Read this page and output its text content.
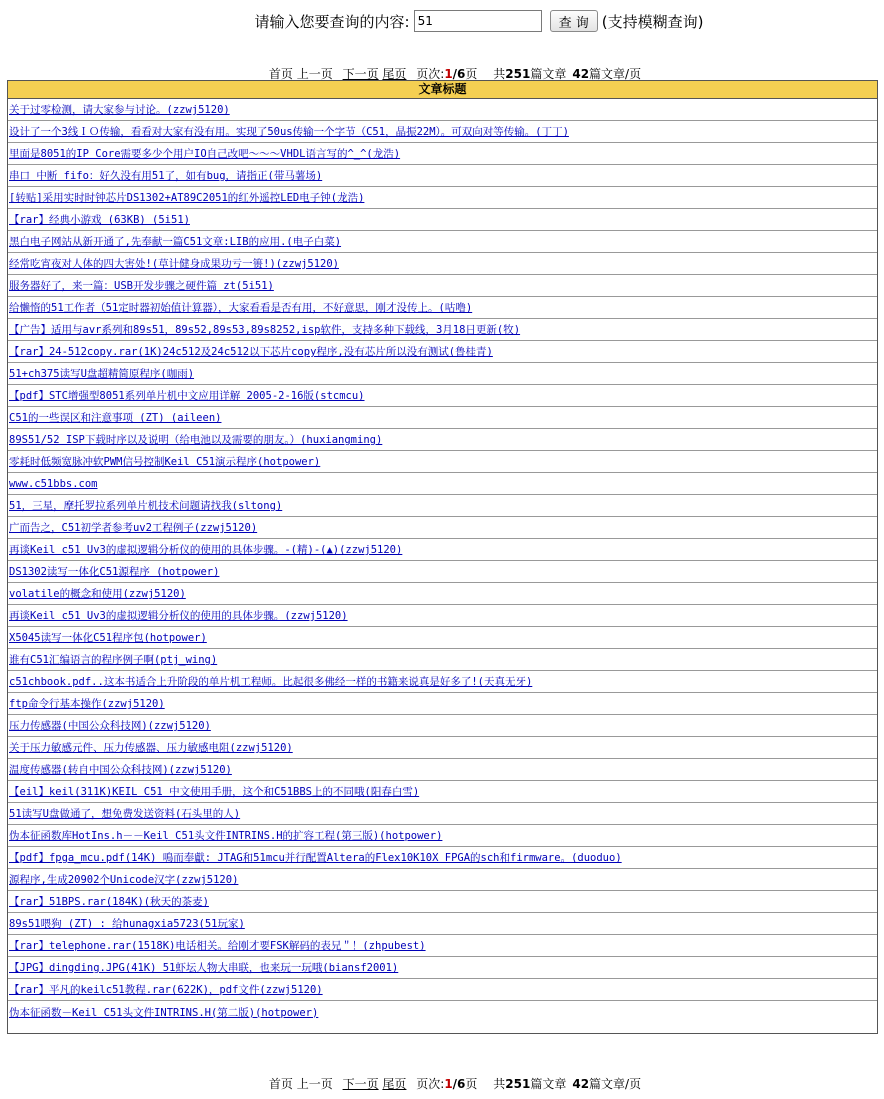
请输入您要查询的内容:
51	查 询 (支持模糊查询)
首页 上一页 下一页 尾页 页次:1/6页 共251篇文章 42篇文章/页
文章标题
关于过零检测，请大家参与讨论。(zzwj5120)
设计了一个3线ＩＯ传输，看看对大家有没有用。实现了50us传输一个字节（C51，晶振22M）。可双向对等传输。(丁丁)
里面是8051的IP Core需要多少个用户IO自己改吧～～～VHDL语言写的^_^(龙浩)
串口 中断 fifo：好久没有用51了，如有bug，请指正(带马薯场)
[转贴]采用实时时钟芯片DS1302+AT89C2051的红外遥控LED电子钟(龙浩)
【rar】经典小游戏 (63KB) (5i51)
黑白电子网站从新开通了,先奉献一篇C51文章:LIB的应用.(电子白菜)
经常吃宵夜对人体的四大害处!(草计健身成果功亏一篑!)(zzwj5120)
服务器好了，来一篇：USB开发步骤之硬件篇 zt(5i51)
给懒惰的51工作者（51定时器初始值计算器），大家看看是否有用，不好意思，刚才没传上。(咕噜)
【广告】适用与avr系列和89s51，89s52,89s53,89s8252,isp软件，支持多种下载线，3月18日更新(牧)
【rar】24-512copy.rar(1K)24c512及24c512以下芯片copy程序,没有芯片所以没有测试(鲁桂青)
51+ch375读写U盘超精简原程序(咖雨)
【pdf】STC增强型8051系列单片机中文应用详解 2005-2-16版(stcmcu)
C51的一些误区和注意事项 (ZT) (aileen)
89S51/52 ISP下载时序以及说明（给电池以及需要的朋友。）(huxiangming)
零耗时低频宽脉冲软PWM信号控制Keil C51演示程序(hotpower)
www.c51bbs.com
51，三星，摩托罗拉系列单片机技术问题请找我(sltong)
广而告之，C51初学者参考uv2工程例子(zzwj5120)
再谈Keil c51 Uv3的虚拟逻辑分析仪的使用的具体步骤。-(精)-(▲)(zzwj5120)
DS1302读写一体化C51源程序 (hotpower)
volatile的概念和使用(zzwj5120)
再谈Keil c51 Uv3的虚拟逻辑分析仪的使用的具体步骤。(zzwj5120)
X5045读写一体化C51程序包(hotpower)
谁有C51汇编语言的程序例子啊(ptj_wing)
c51chbook.pdf..这本书适合上升阶段的单片机工程师。比起很多佛经一样的书籍来说真是好多了!(天真无牙)
ftp命令行基本操作(zzwj5120)
压力传感器(中国公众科技网)(zzwj5120)
关于压力敏感元件、压力传感器、压力敏感电阻(zzwj5120)
温度传感器(转自中国公众科技网)(zzwj5120)
【eil】keil(311K)KEIL C51 中文使用手册，这个和C51BBS上的不同哦(阳春白雪)
51读写U盘做通了，想免费发送资料(石头里的人)
伪本征函数库HotIns.h－－Keil C51头文件INTRINS.H的扩容工程(第三版)(hotpower)
【pdf】fpga_mcu.pdf(14K) 鳴而奉獻: JTAG和51mcu并行配置Altera的Flex10K10X FPGA的sch和firmware。(duoduo)
源程序,生成20902个Unicode汉字(zzwj5120)
【rar】51BPS.rar(184K)(秋天的茶麦)
89s51喂狗 (ZT) : 给hunagxia5723(51玩家)
【rar】telephone.rar(1518K)电话相关。给刚才要FSK解码的表兄＂！(zhpubest)
【JPG】dingding.JPG(41K) 51虾坛人物大串联，也来玩一玩哦(biansf2001)
【rar】平凡的keilc51教程.rar(622K)，pdf文件(zzwj5120)
伪本征函数－Keil C51头文件INTRINS.H(第二版)(hotpower)
首页 上一页 下一页 尾页 页次:1/6页 共251篇文章 42篇文章/页
